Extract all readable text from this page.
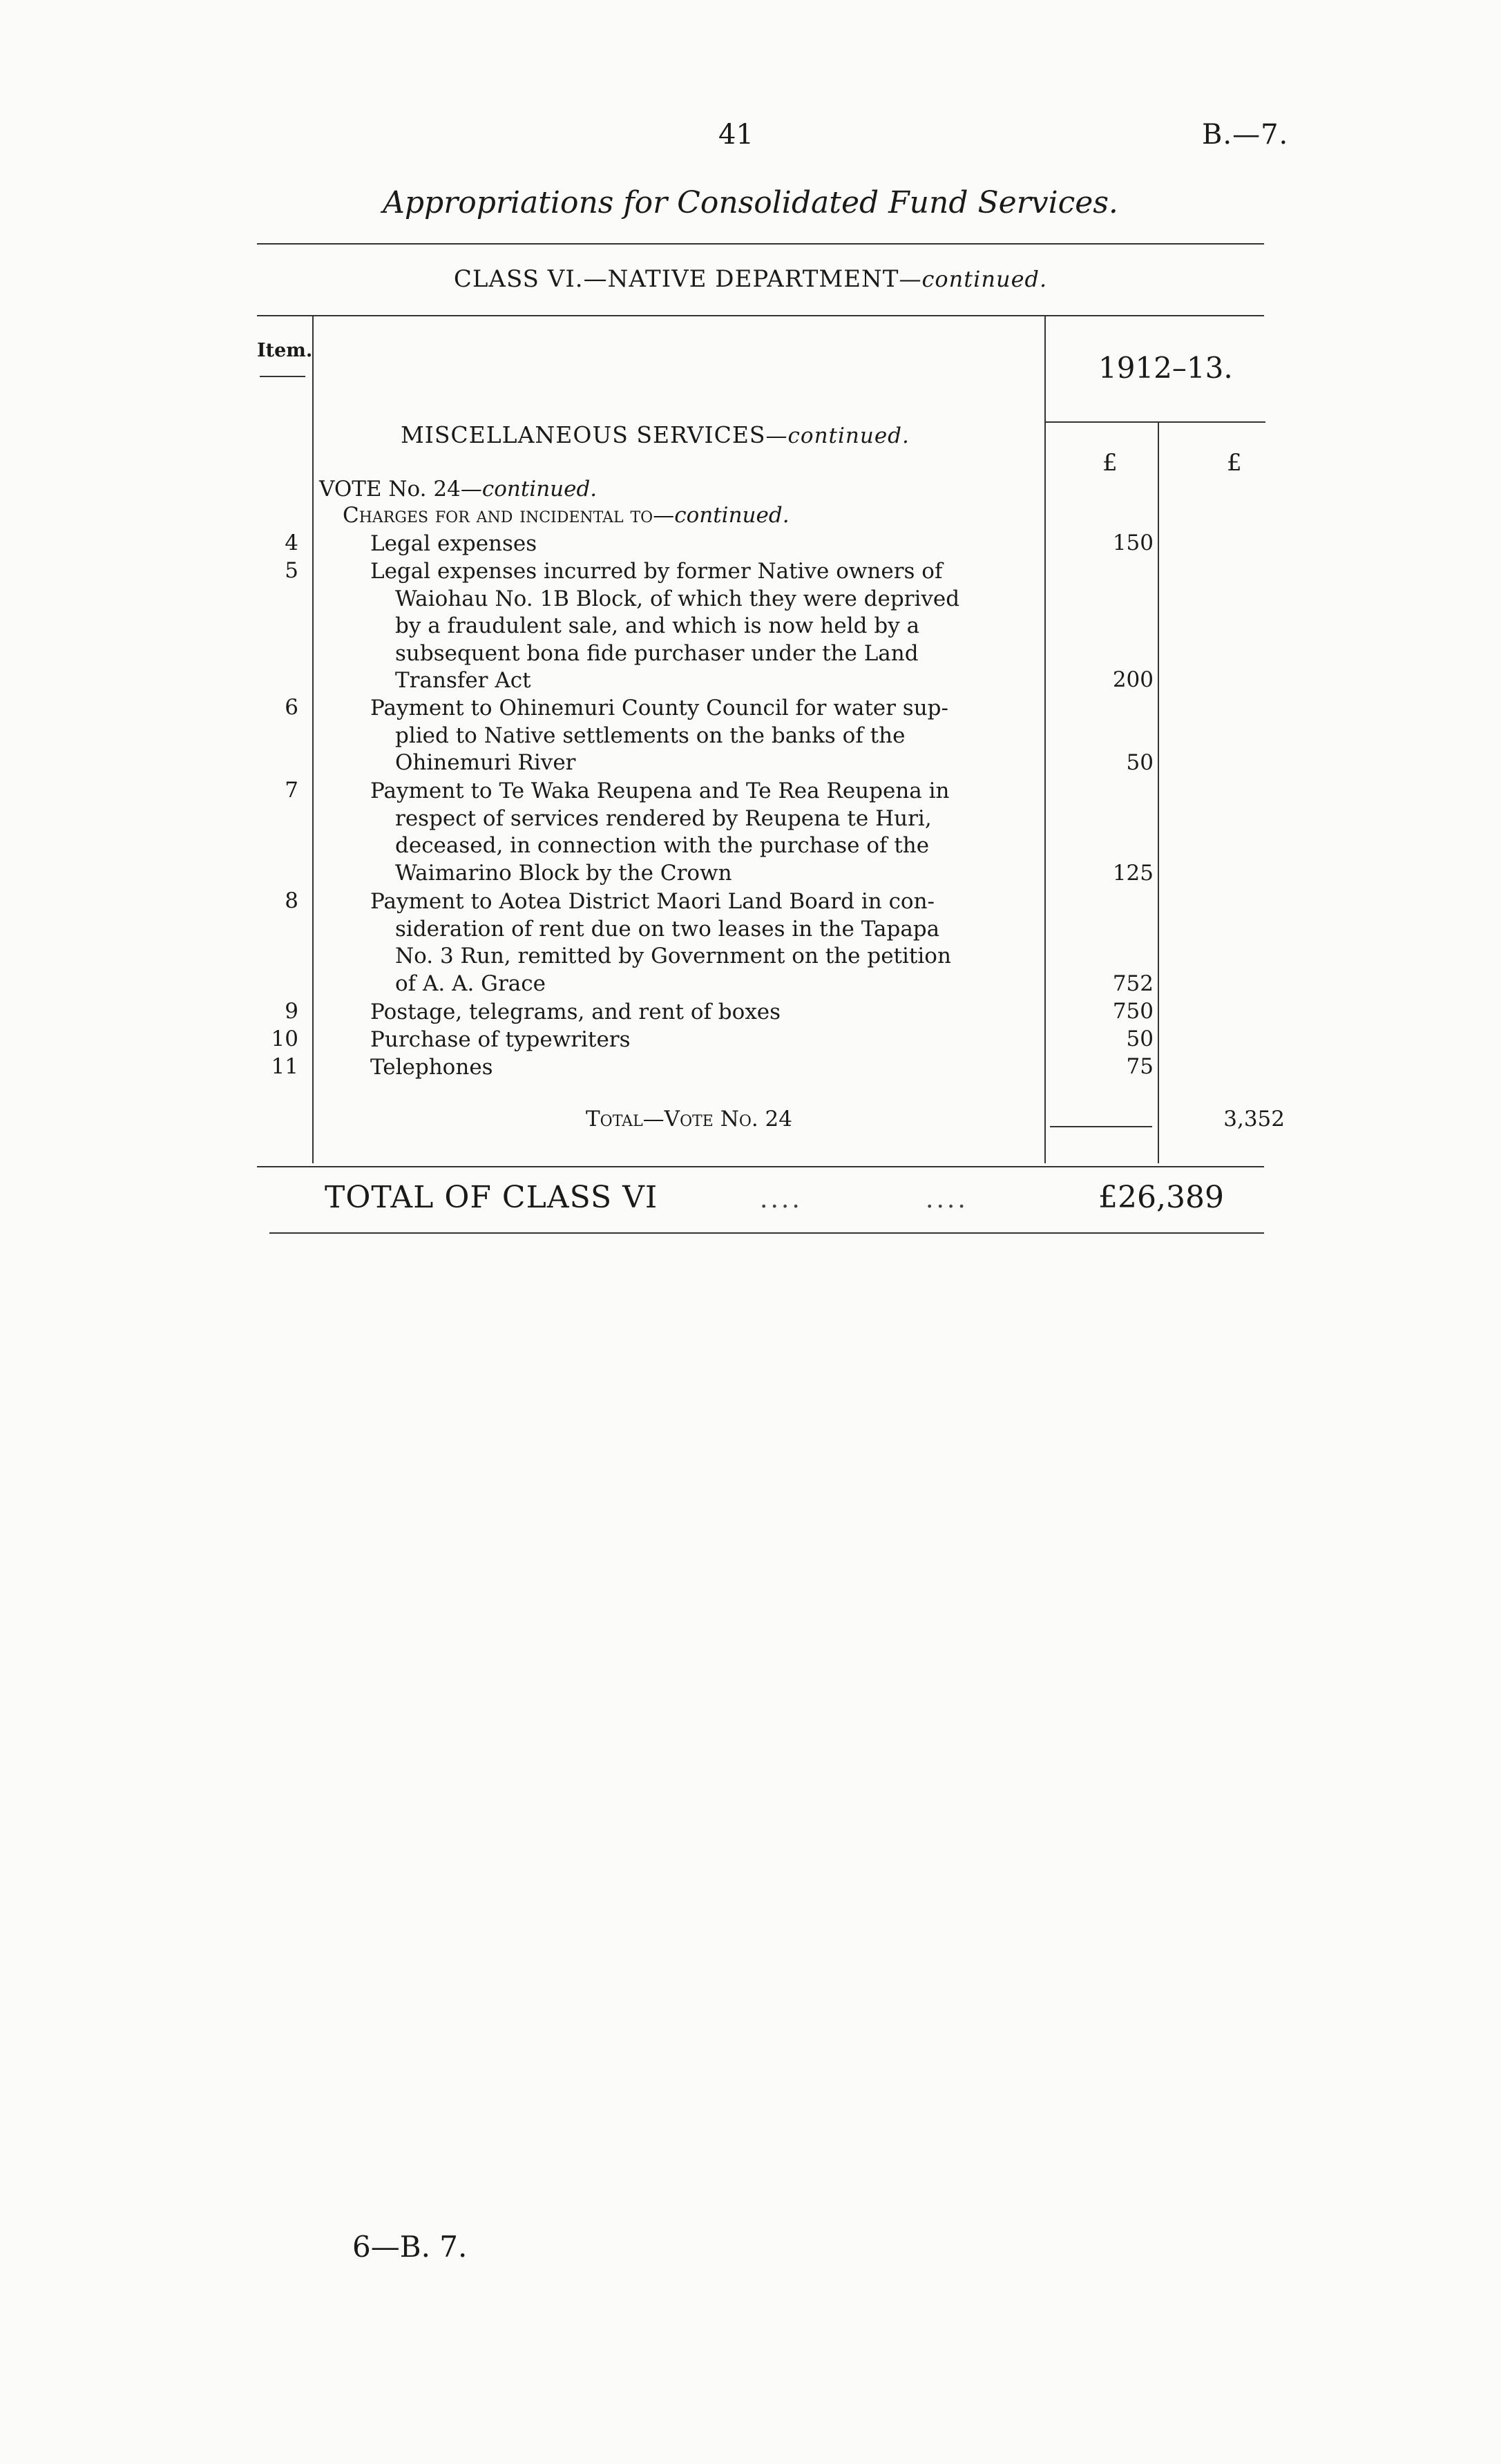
41	B.—7.
Appropriations for Consolidated Fund Services.
CLASS VI.—NATIVE DEPARTMENT—continued.
Item.
1912–13.
£	£
MISCELLANEOUS SERVICES—continued.
VOTE No. 24—continued.
Charges for and incidental to—continued.
4	Legal expenses	150
5	Legal expenses incurred by former Native owners of
Waiohau No. 1B Block, of which they were deprived
by a fraudulent sale, and which is now held by a
subsequent bona fide purchaser under the Land
Transfer Act	200
6	Payment to Ohinemuri County Council for water sup-
plied to Native settlements on the banks of the
Ohinemuri River	50
7	Payment to Te Waka Reupena and Te Rea Reupena in
respect of services rendered by Reupena te Huri,
deceased, in connection with the purchase of the
Waimarino Block by the Crown	125
8	Payment to Aotea District Maori Land Board in con-
sideration of rent due on two leases in the Tapapa
No. 3 Run, remitted by Government on the petition
of A. A. Grace	752
9	Postage, telegrams, and rent of boxes	750
10	Purchase of typewriters	50
11	Telephones	75
Total—Vote No. 24	3,352
TOTAL OF CLASS VI	....	....	£26,389
6—B. 7.
